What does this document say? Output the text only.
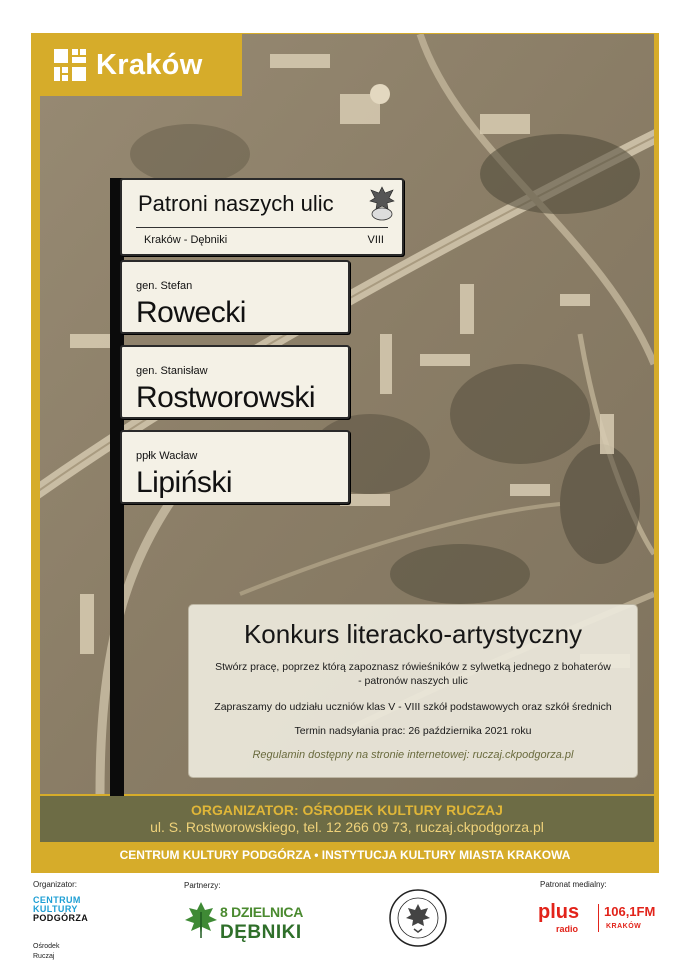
Kraków
Patroni naszych ulic
Kraków - Dębniki	VIII
gen. Stefan
Rowecki
gen. Stanisław
Rostworowski
ppłk Wacław
Lipiński
Konkurs literacko-artystyczny
Stwórz pracę, poprzez którą zapoznasz rówieśników z sylwetką jednego z bohaterów
- patronów naszych ulic
Zapraszamy do udziału uczniów klas V - VIII szkół podstawowych oraz szkół średnich
Termin nadsyłania prac: 26 października 2021 roku
Regulamin dostępny na stronie internetowej: ruczaj.ckpodgorza.pl
ORGANIZATOR: OŚRODEK KULTURY RUCZAJ
ul. S. Rostworowskiego, tel. 12 266 09 73, ruczaj.ckpodgorza.pl
CENTRUM KULTURY PODGÓRZA • INSTYTUCJA KULTURY MIASTA KRAKOWA
Organizator:	Partnerzy:	Patronat medialny:
CENTRUM
KULTURY
PODGÓRZA
Ośrodek
Ruczaj
8 DZIELNICA
DĘBNIKI
plus
radio
106,1FM
KRAKÓW
